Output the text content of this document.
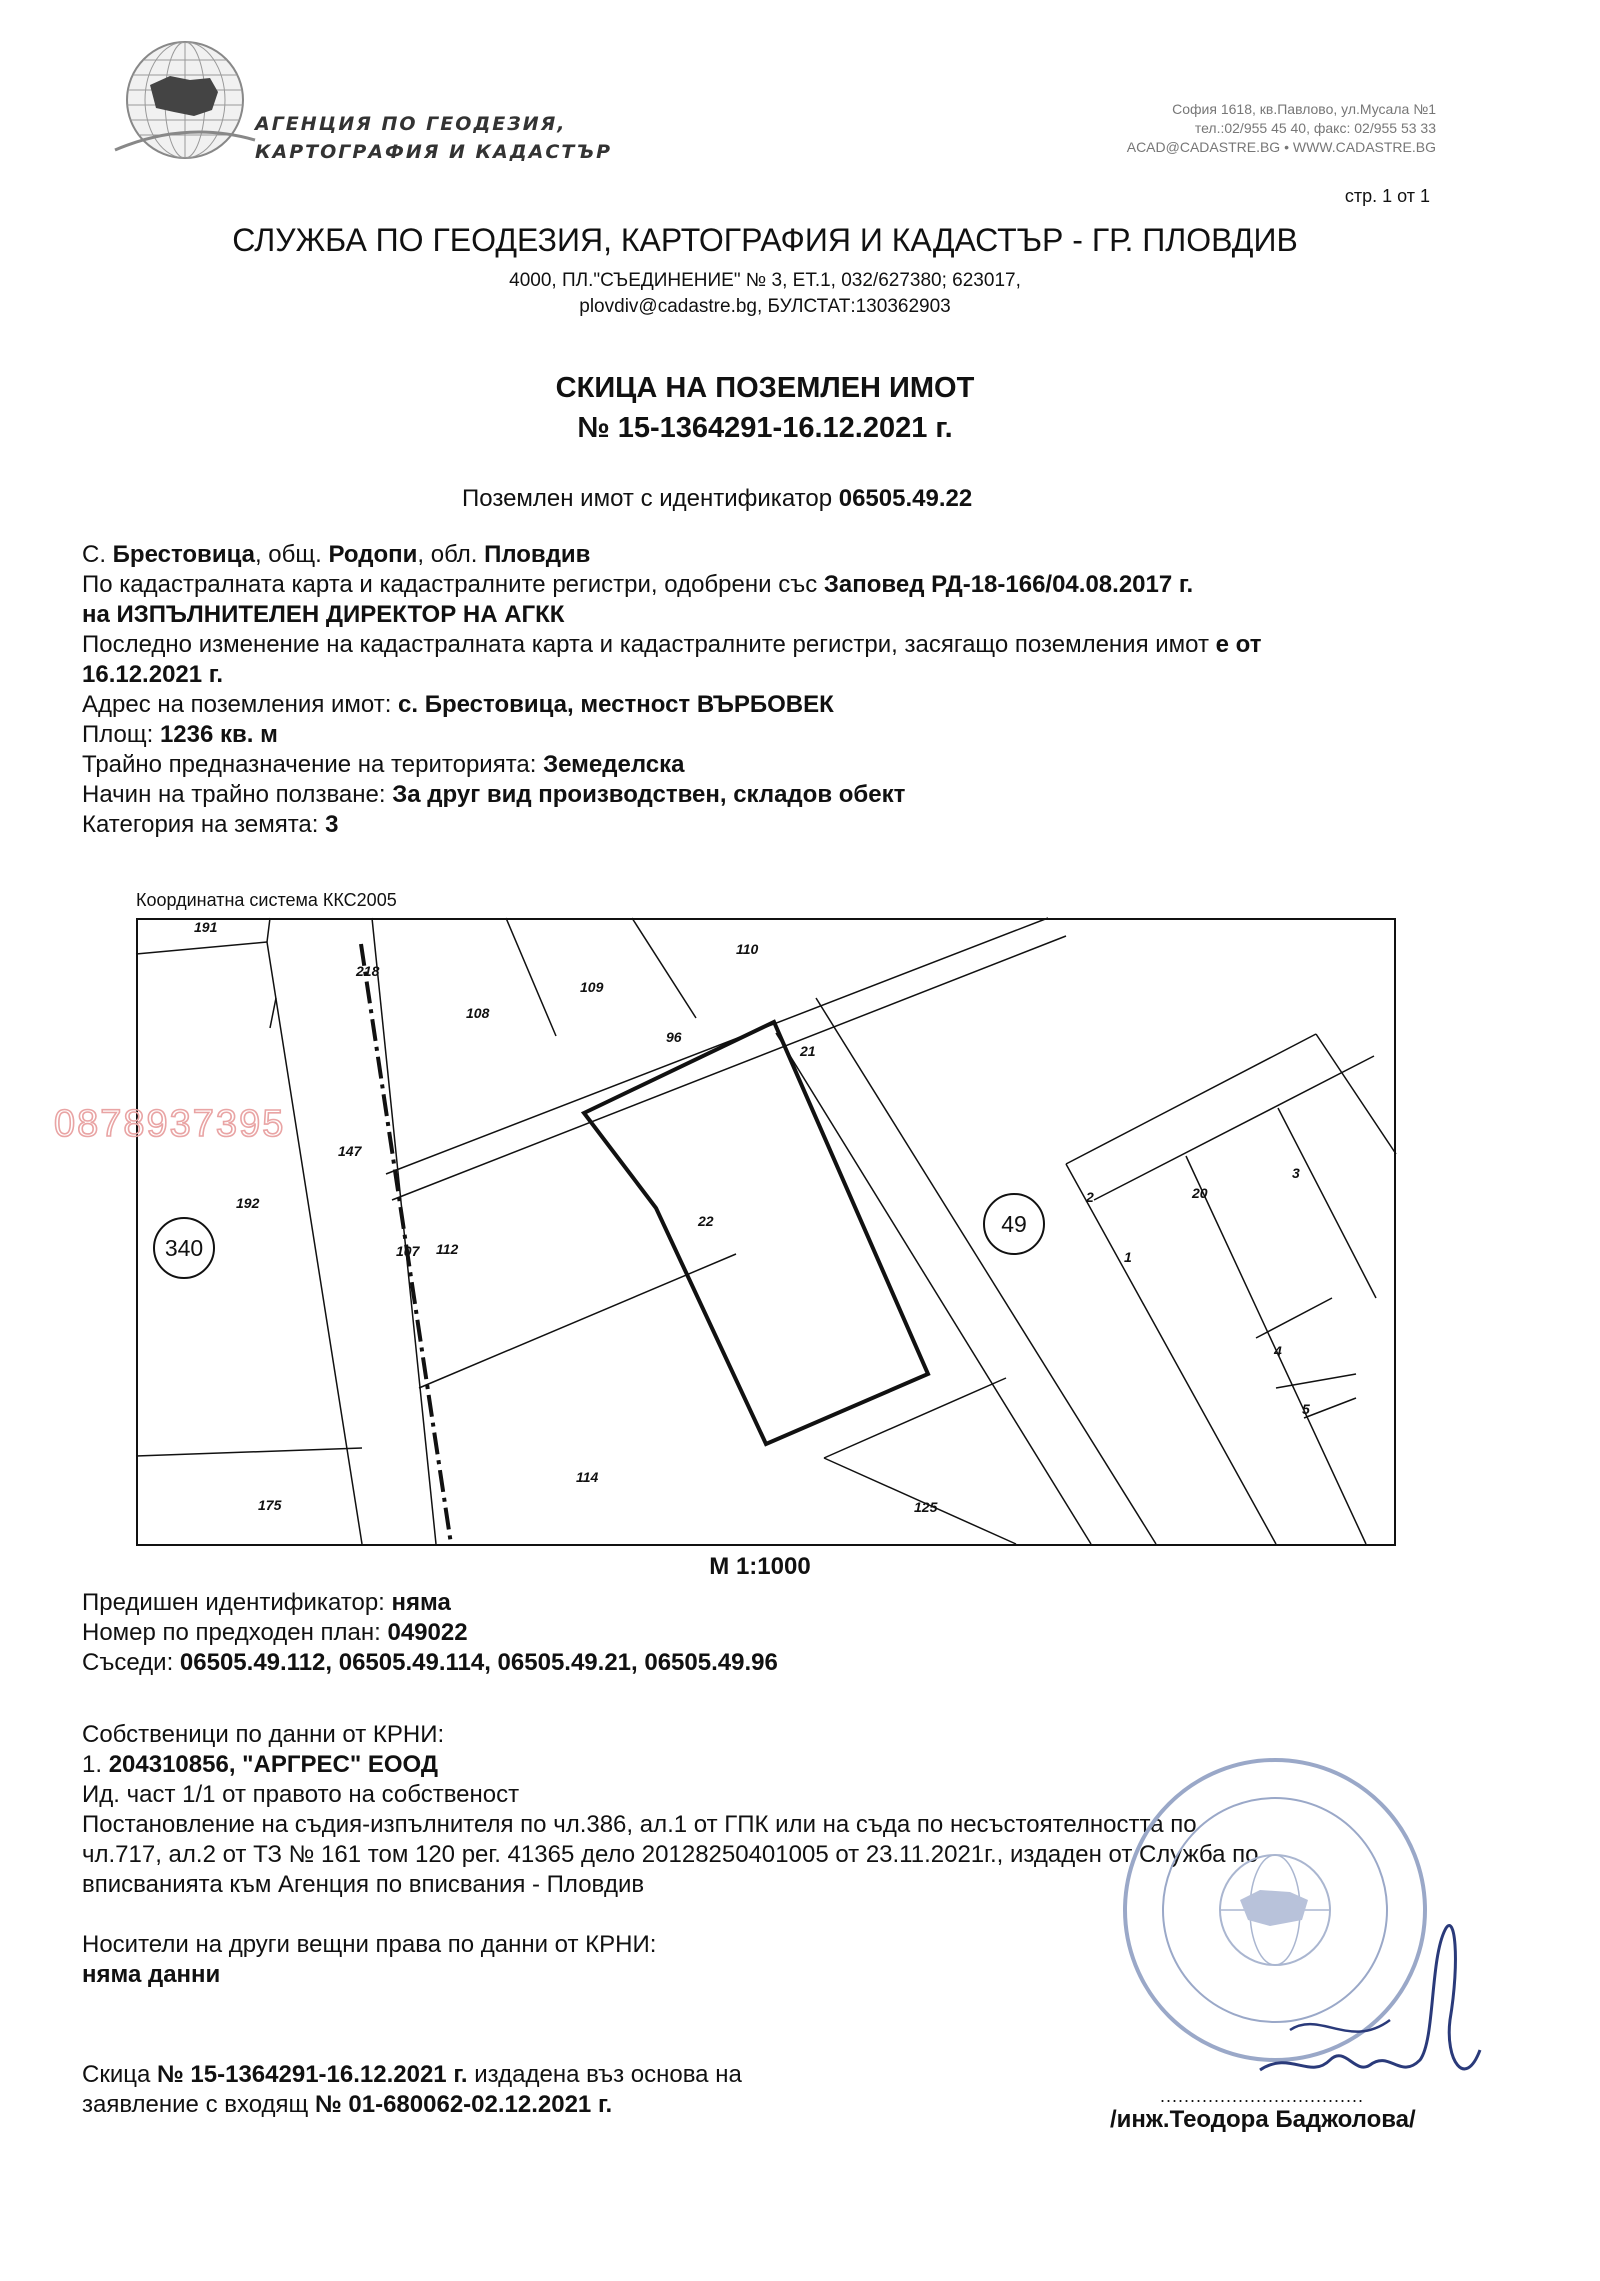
АГЕНЦИЯ ПО ГЕОДЕЗИЯ,
КАРТОГРАФИЯ И КАДАСТЪР
София 1618, кв.Павлово, ул.Мусала №1
тел.:02/955 45 40, факс: 02/955 53 33
ACAD@CADASTRE.BG • WWW.CADASTRE.BG
стр. 1 от 1
СЛУЖБА ПО ГЕОДЕЗИЯ, КАРТОГРАФИЯ И КАДАСТЪР - ГР. ПЛОВДИВ
4000, ПЛ."СЪЕДИНЕНИЕ" № 3, ЕТ.1, 032/627380; 623017,
plovdiv@cadastre.bg, БУЛСТАТ:130362903
СКИЦА НА ПОЗЕМЛЕН ИМОТ
№ 15-1364291-16.12.2021 г.
Поземлен имот с идентификатор 06505.49.22
С. Брестовица, общ. Родопи, обл. Пловдив
По кадастралната карта и кадастралните регистри, одобрени със Заповед РД-18-166/04.08.2017 г.
на ИЗПЪЛНИТЕЛЕН ДИРЕКТОР НА АГКК
Последно изменение на кадастралната карта и кадастралните регистри, засягащо поземления имот е от
16.12.2021 г.
Адрес на поземления имот: с. Брестовица, местност ВЪРБОВЕК
Площ: 1236 кв. м
Трайно предназначение на територията: Земеделска
Начин на трайно ползване: За друг вид производствен, складов обект
Категория на земята: 3
Координатна система ККС2005
191
218
108
109
110
96
21
147
192
22
107 112
114
175	125
2	20
3
1
4
5
340
49
0878937395
М 1:1000
Предишен идентификатор: няма
Номер по предходен план: 049022
Съседи: 06505.49.112, 06505.49.114, 06505.49.21, 06505.49.96
Собственици по данни от КРНИ:
1. 204310856, "АРГРЕС" ЕООД
Ид. част 1/1 от правото на собственост
Постановление на съдия-изпълнителя по чл.386, ал.1 от ГПК или на съда по несъстоятелността по
чл.717, ал.2 от ТЗ № 161 том 120 рег. 41365 дело 20128250401005 от 23.11.2021г., издаден от Служба по
вписванията към Агенция по вписвания - Пловдив
Носители на други вещни права по данни от КРНИ:
няма данни
Скица № 15-1364291-16.12.2021 г. издадена въз основа на
заявление с входящ № 01-680062-02.12.2021 г.	..................................
/инж.Теодора Баджолова/
